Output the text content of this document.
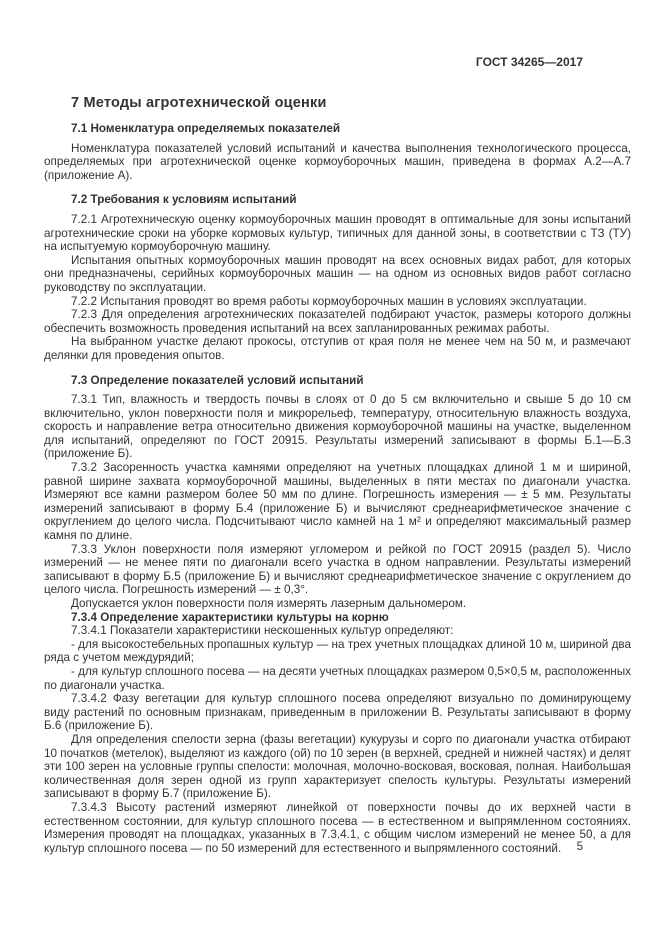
ГОСТ 34265—2017
7 Методы агротехнической оценки
7.1 Номенклатура определяемых показателей

Номенклатура показателей условий испытаний и качества выполнения технологического процесса, определяемых при агротехнической оценке кормоуборочных машин, приведена в формах А.2—А.7 (приложение А).

7.2 Требования к условиям испытаний

7.2.1 Агротехническую оценку кормоуборочных машин проводят в оптимальные для зоны испытаний агротехнические сроки на уборке кормовых культур, типичных для данной зоны, в соответствии с ТЗ (ТУ) на испытуемую кормоуборочную машину.

Испытания опытных кормоуборочных машин проводят на всех основных видах работ, для которых они предназначены, серийных кормоуборочных машин — на одном из основных видов работ согласно руководству по эксплуатации.

7.2.2 Испытания проводят во время работы кормоуборочных машин в условиях эксплуатации.

7.2.3 Для определения агротехнических показателей подбирают участок, размеры которого должны обеспечить возможность проведения испытаний на всех запланированных режимах работы.

На выбранном участке делают прокосы, отступив от края поля не менее чем на 50 м, и размечают делянки для проведения опытов.

7.3 Определение показателей условий испытаний

7.3.1 Тип, влажность и твердость почвы в слоях от 0 до 5 см включительно и свыше 5 до 10 см включительно, уклон поверхности поля и микрорельеф, температуру, относительную влажность воздуха, скорость и направление ветра относительно движения кормоуборочной машины на участке, выделенном для испытаний, определяют по ГОСТ 20915. Результаты измерений записывают в формы Б.1—Б.3 (приложение Б).

7.3.2 Засоренность участка камнями определяют на учетных площадках длиной 1 м и шириной, равной ширине захвата кормоуборочной машины, выделенных в пяти местах по диагонали участка. Измеряют все камни размером более 50 мм по длине. Погрешность измерения — ± 5 мм. Результаты измерений записывают в форму Б.4 (приложение Б) и вычисляют среднеарифметическое значение с округлением до целого числа. Подсчитывают число камней на 1 м² и определяют максимальный размер камня по длине.

7.3.3 Уклон поверхности поля измеряют угломером и рейкой по ГОСТ 20915 (раздел 5). Число измерений — не менее пяти по диагонали всего участка в одном направлении. Результаты измерений записывают в форму Б.5 (приложение Б) и вычисляют среднеарифметическое значение с округлением до целого числа. Погрешность измерений — ± 0,3°.

Допускается уклон поверхности поля измерять лазерным дальномером.

7.3.4 Определение характеристики культуры на корню

7.3.4.1 Показатели характеристики нескошенных культур определяют:

- для высокостебельных пропашных культур — на трех учетных площадках длиной 10 м, шириной два ряда с учетом междурядий;

- для культур сплошного посева — на десяти учетных площадках размером 0,5×0,5 м, расположенных по диагонали участка.

7.3.4.2 Фазу вегетации для культур сплошного посева определяют визуально по доминирующему виду растений по основным признакам, приведенным в приложении В. Результаты записывают в форму Б.6 (приложение Б).

Для определения спелости зерна (фазы вегетации) кукурузы и сорго по диагонали участка отбирают 10 початков (метелок), выделяют из каждого (ой) по 10 зерен (в верхней, средней и нижней частях) и делят эти 100 зерен на условные группы спелости: молочная, молочно-восковая, восковая, полная. Наибольшая количественная доля зерен одной из групп характеризует спелость культуры. Результаты измерений записывают в форму Б.7 (приложение Б).

7.3.4.3 Высоту растений измеряют линейкой от поверхности почвы до их верхней части в естественном состоянии, для культур сплошного посева — в естественном и выпрямленном состояниях. Измерения проводят на площадках, указанных в 7.3.4.1, с общим числом измерений не менее 50, а для культур сплошного посева — по 50 измерений для естественного и выпрямленного состояний.	5
